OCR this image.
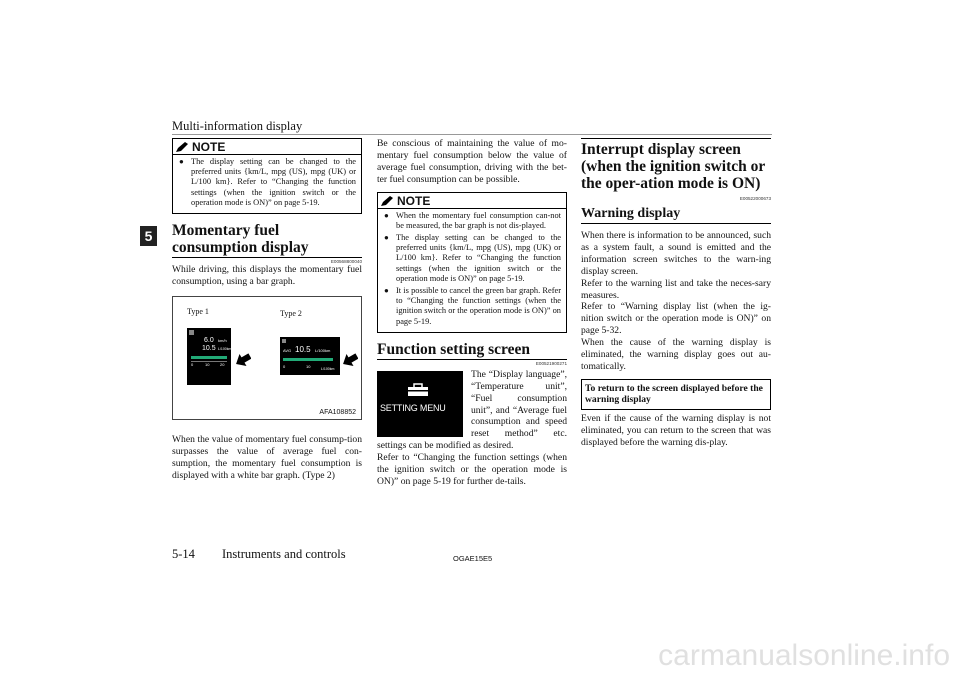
Multi-information display
5
NOTE
● The display setting can be changed to the preferred units {km/L, mpg (US), mpg (UK) or L/100 km}. Refer to “Changing the function settings (when the ignition switch or the operation mode is ON)” on page 5-19.
Momentary fuel consumption display
E00568800040

While driving, this displays the momentary fuel consumption, using a bar graph.

Type 1	Type 2
6.0 km/h
10.5 L/100km
0	10	20
AVG 10.5 L/100km
0	10	L/100km
AFA108852

When the value of momentary fuel consump-tion surpasses the value of average fuel con-sumption, the momentary fuel consumption is displayed with a white bar graph. (Type 2)

Be conscious of maintaining the value of mo-mentary fuel consumption below the value of average fuel consumption, driving with the bet-ter fuel consumption can be possible.

NOTE
● When the momentary fuel consumption can-not be measured, the bar graph is not dis-played.
● The display setting can be changed to the preferred units {km/L, mpg (US), mpg (UK) or L/100 km}. Refer to “Changing the function settings (when the ignition switch or the operation mode is ON)” on page 5-19.
● It is possible to cancel the green bar graph. Refer to “Changing the function settings (when the ignition switch or the operation mode is ON)” on page 5-19.
Function setting screen
E00521900271
SETTING MENU

The “Display language”, “Temperature unit”, “Fuel consumption unit”, and “Average fuel consumption and speed reset method” etc. settings can be modified as desired.

Refer to “Changing the function settings (when the ignition switch or the operation mode is ON)” on page 5-19 for further de-tails.

Interrupt display screen (when the ignition switch or the oper-ation mode is ON)
E00522000673
Warning display

When there is information to be announced, such as a system fault, a sound is emitted and the information screen switches to the warn-ing display screen.

Refer to the warning list and take the neces-sary measures.

Refer to “Warning display list (when the ig-nition switch or the operation mode is ON)” on page 5-32.

When the cause of the warning display is eliminated, the warning display goes out au-tomatically.

To return to the screen displayed before the warning display

Even if the cause of the warning display is not eliminated, you can return to the screen that was displayed before the warning dis-play.

5-14 Instruments and controls	OGAE15E5
carmanualsonline.info
